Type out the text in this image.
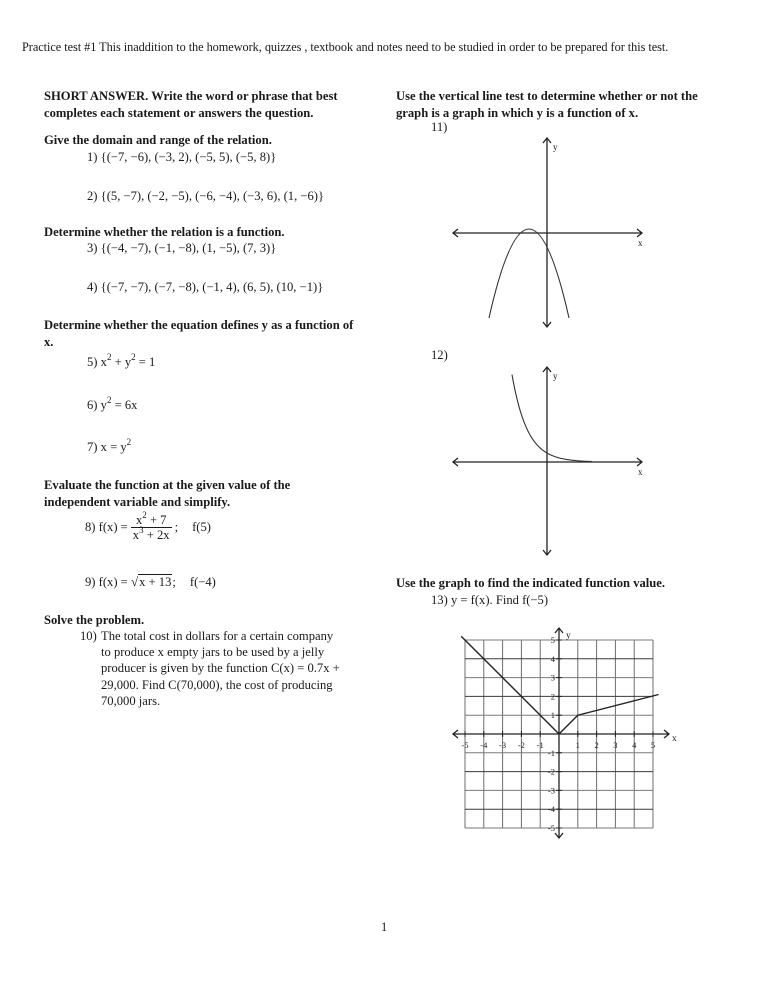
Practice test #1 This inaddition to the homework, quizzes , textbook and notes need to be studied in order to be prepared for this test.
SHORT ANSWER. Write the word or phrase that best
completes each statement or answers the question.
Give the domain and range of the relation.
1) {(−7, −6), (−3, 2), (−5, 5), (−5, 8)}
2) {(5, −7), (−2, −5), (−6, −4), (−3, 6), (1, −6)}
Determine whether the relation is a function.
3) {(−4, −7), (−1, −8), (1, −5), (7, 3)}
4) {(−7, −7), (−7, −8), (−1, 4), (6, 5), (10, −1)}
Determine whether the equation defines y as a function of
x.
5) $x^2 + y^2 = 1$
6) $y^2 = 6x$
7) $x = y^2$
Evaluate the function at the given value of the
independent variable and simplify.
8) $f(x) = \frac{x^2 + 7}{x^3 + 2x}$ ; f(5)
9) f(x) = √x + 13; f(−4)
Solve the problem.
10) The total cost in dollars for a certain company
to produce x empty jars to be used by a jelly
producer is given by the function C(x) = 0.7x +
29,000. Find C(70,000), the cost of producing
70,000 jars.
Use the vertical line test to determine whether or not the
graph is a graph in which y is a function of x.
11)
y
x
12)
y
x
Use the graph to find the indicated function value.
13) y = f(x). Find f(−5)
-5 -4 -3 -2 -1	1 2 3 4 5
5
4
3
2
1
-1
-2
-3
-4
-5
y
x
1
